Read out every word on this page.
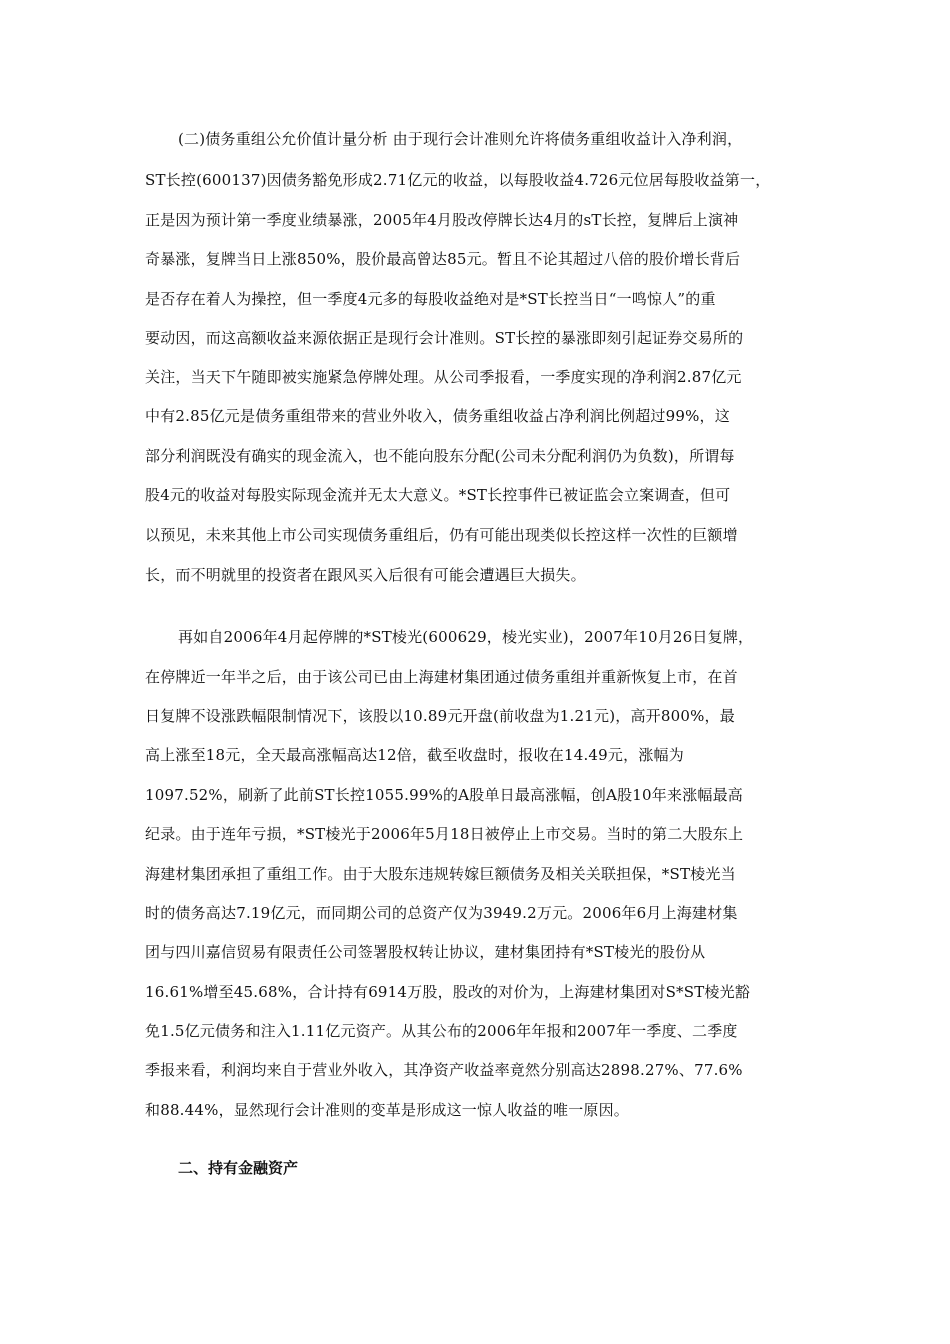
(二)债务重组公允价值计量分析 由于现行会计准则允许将债务重组收益计入净利润，
ST长控(600137)因债务豁免形成2.71亿元的收益，以每股收益4.726元位居每股收益第一，
正是因为预计第一季度业绩暴涨，2005年4月股改停牌长达4月的sT长控，复牌后上演神
奇暴涨，复牌当日上涨850%，股价最高曾达85元。暂且不论其超过八倍的股价增长背后
是否存在着人为操控，但一季度4元多的每股收益绝对是*ST长控当日“一鸣惊人”的重
要动因，而这高额收益来源依据正是现行会计准则。ST长控的暴涨即刻引起证券交易所的
关注，当天下午随即被实施紧急停牌处理。从公司季报看，一季度实现的净利润2.87亿元
中有2.85亿元是债务重组带来的营业外收入，债务重组收益占净利润比例超过99%，这
部分利润既没有确实的现金流入，也不能向股东分配(公司未分配利润仍为负数)，所谓每
股4元的收益对每股实际现金流并无太大意义。*ST长控事件已被证监会立案调查，但可
以预见，未来其他上市公司实现债务重组后，仍有可能出现类似长控这样一次性的巨额增
长，而不明就里的投资者在跟风买入后很有可能会遭遇巨大损失。
再如自2006年4月起停牌的*ST棱光(600629，棱光实业)，2007年10月26日复牌，
在停牌近一年半之后，由于该公司已由上海建材集团通过债务重组并重新恢复上市，在首
日复牌不设涨跌幅限制情况下，该股以10.89元开盘(前收盘为1.21元)，高开800%，最
高上涨至18元，全天最高涨幅高达12倍，截至收盘时，报收在14.49元，涨幅为
1097.52%，刷新了此前ST长控1055.99%的A股单日最高涨幅，创A股10年来涨幅最高
纪录。由于连年亏损，*ST棱光于2006年5月18日被停止上市交易。当时的第二大股东上
海建材集团承担了重组工作。由于大股东违规转嫁巨额债务及相关关联担保，*ST棱光当
时的债务高达7.19亿元，而同期公司的总资产仅为3949.2万元。2006年6月上海建材集
团与四川嘉信贸易有限责任公司签署股权转让协议，建材集团持有*ST棱光的股份从
16.61%增至45.68%，合计持有6914万股，股改的对价为，上海建材集团对S*ST棱光豁
免1.5亿元债务和注入1.11亿元资产。从其公布的2006年年报和2007年一季度、二季度
季报来看，利润均来自于营业外收入，其净资产收益率竟然分别高达2898.27%、77.6%
和88.44%，显然现行会计准则的变革是形成这一惊人收益的唯一原因。
二、持有金融资产
